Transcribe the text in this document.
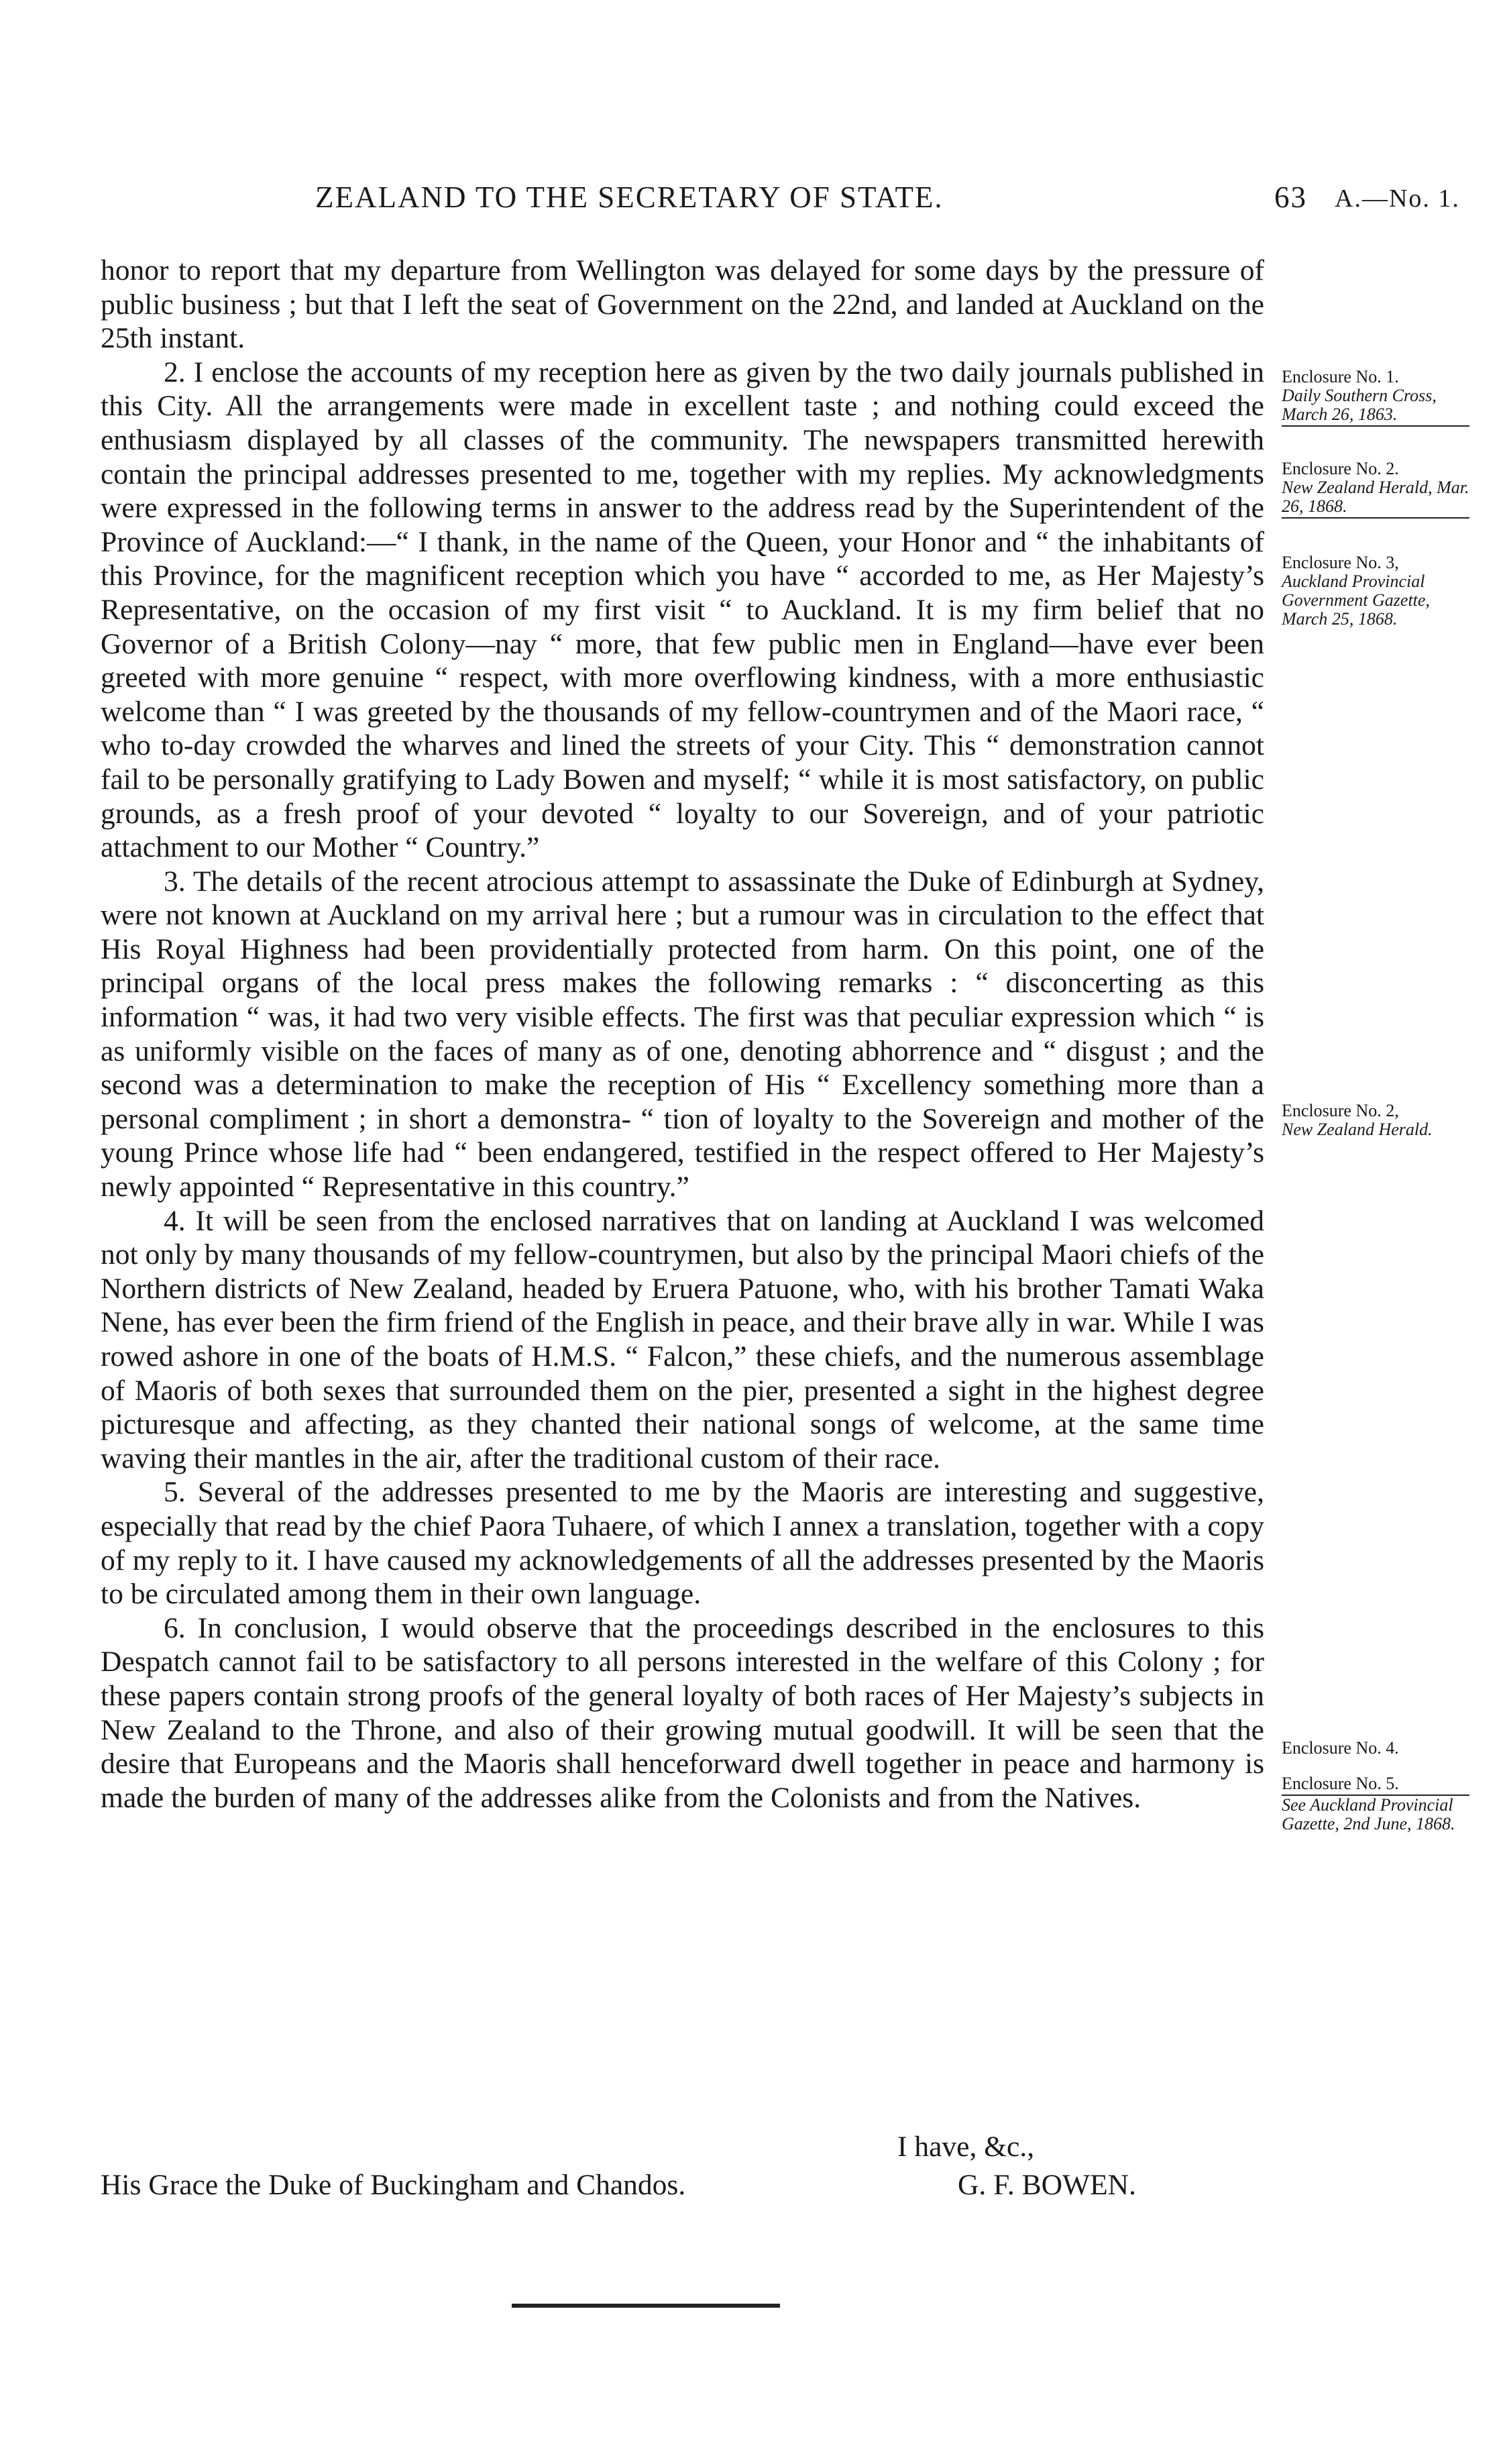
ZEALAND TO THE SECRETARY OF STATE.	63 A.—No. 1.

honor to report that my departure from Wellington was delayed for some days by the pressure of public business ; but that I left the seat of Government on the 22nd, and landed at Auckland on the 25th instant.

2. I enclose the accounts of my reception here as given by the two daily journals published in this City. All the arrangements were made in excellent taste ; and nothing could exceed the enthusiasm displayed by all classes of the community. The newspapers transmitted herewith contain the principal addresses presented to me, together with my replies. My acknowledgments were expressed in the following terms in answer to the address read by the Superintendent of the Province of Auckland:—“ I thank, in the name of the Queen, your Honor and “ the inhabitants of this Province, for the magnificent reception which you have “ accorded to me, as Her Majesty’s Representative, on the occasion of my first visit “ to Auckland. It is my firm belief that no Governor of a British Colony—nay “ more, that few public men in England—have ever been greeted with more genuine “ respect, with more overflowing kindness, with a more enthusiastic welcome than “ I was greeted by the thousands of my fellow-countrymen and of the Maori race, “ who to-day crowded the wharves and lined the streets of your City. This “ demonstration cannot fail to be personally gratifying to Lady Bowen and myself; “ while it is most satisfactory, on public grounds, as a fresh proof of your devoted “ loyalty to our Sovereign, and of your patriotic attachment to our Mother “ Country.”

3. The details of the recent atrocious attempt to assassinate the Duke of Edinburgh at Sydney, were not known at Auckland on my arrival here ; but a rumour was in circulation to the effect that His Royal Highness had been providentially protected from harm. On this point, one of the principal organs of the local press makes the following remarks : “ disconcerting as this information “ was, it had two very visible effects. The first was that peculiar expression which “ is as uniformly visible on the faces of many as of one, denoting abhorrence and “ disgust ; and the second was a determination to make the reception of His “ Excellency something more than a personal compliment ; in short a demonstra- “ tion of loyalty to the Sovereign and mother of the young Prince whose life had “ been endangered, testified in the respect offered to Her Majesty’s newly appointed “ Representative in this country.”

4. It will be seen from the enclosed narratives that on landing at Auckland I was welcomed not only by many thousands of my fellow-countrymen, but also by the principal Maori chiefs of the Northern districts of New Zealand, headed by Eruera Patuone, who, with his brother Tamati Waka Nene, has ever been the firm friend of the English in peace, and their brave ally in war. While I was rowed ashore in one of the boats of H.M.S. “ Falcon,” these chiefs, and the numerous assemblage of Maoris of both sexes that surrounded them on the pier, presented a sight in the highest degree picturesque and affecting, as they chanted their national songs of welcome, at the same time waving their mantles in the air, after the traditional custom of their race.

5. Several of the addresses presented to me by the Maoris are interesting and suggestive, especially that read by the chief Paora Tuhaere, of which I annex a translation, together with a copy of my reply to it. I have caused my acknowledgements of all the addresses presented by the Maoris to be circulated among them in their own language.

6. In conclusion, I would observe that the proceedings described in the enclosures to this Despatch cannot fail to be satisfactory to all persons interested in the welfare of this Colony ; for these papers contain strong proofs of the general loyalty of both races of Her Majesty’s subjects in New Zealand to the Throne, and also of their growing mutual goodwill. It will be seen that the desire that Europeans and the Maoris shall henceforward dwell together in peace and harmony is made the burden of many of the addresses alike from the Colonists and from the Natives.

Enclosure No. 1.
Daily Southern Cross, March 26, 1863.
Enclosure No. 2.
New Zealand Herald, Mar. 26, 1868.
Enclosure No. 3,
Auckland Provincial Government Gazette, March 25, 1868.
Enclosure No. 2,
New Zealand Herald.
Enclosure No. 4.
Enclosure No. 5.
See Auckland Provincial Gazette, 2nd June, 1868.
I have, &c.,
His Grace the Duke of Buckingham and Chandos.	G. F. BOWEN.
